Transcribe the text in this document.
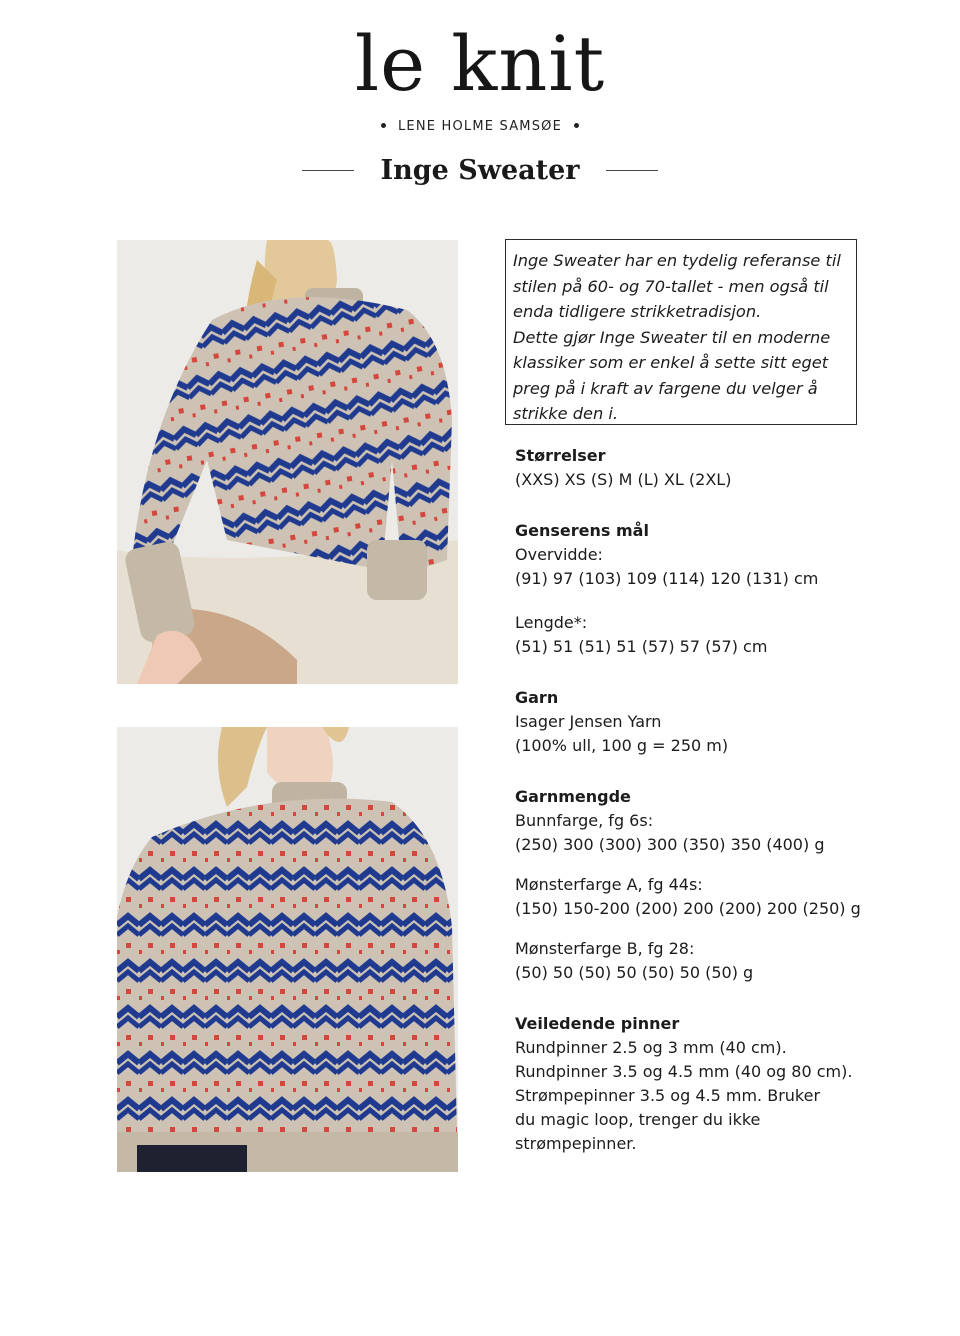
le knit
LENE HOLME SAMSØE
Inge Sweater

Inge Sweater har en tydelig referanse til stilen på 60- og 70-tallet - men også til enda tidligere strikketradisjon.

Dette gjør Inge Sweater til en moderne klassiker som er enkel å sette sitt eget preg på i kraft av fargene du velger å strikke den i.

Størrelser
(XXS) XS (S) M (L) XL (2XL)
Genserens mål
Overvidde:
(91) 97 (103) 109 (114) 120 (131) cm
Lengde*:
(51) 51 (51) 51 (57) 57 (57) cm
Garn
Isager Jensen Yarn
(100% ull, 100 g = 250 m)
Garnmengde
Bunnfarge, fg 6s:
(250) 300 (300) 300 (350) 350 (400) g
Mønsterfarge A, fg 44s:
(150) 150-200 (200) 200 (200) 200 (250) g
Mønsterfarge B, fg 28:
(50) 50 (50) 50 (50) 50 (50) g
Veiledende pinner
Rundpinner 2.5 og 3 mm (40 cm).
Rundpinner 3.5 og 4.5 mm (40 og 80 cm).
Strømpepinner 3.5 og 4.5 mm. Bruker du magic loop, trenger du ikke strømpepinner.
